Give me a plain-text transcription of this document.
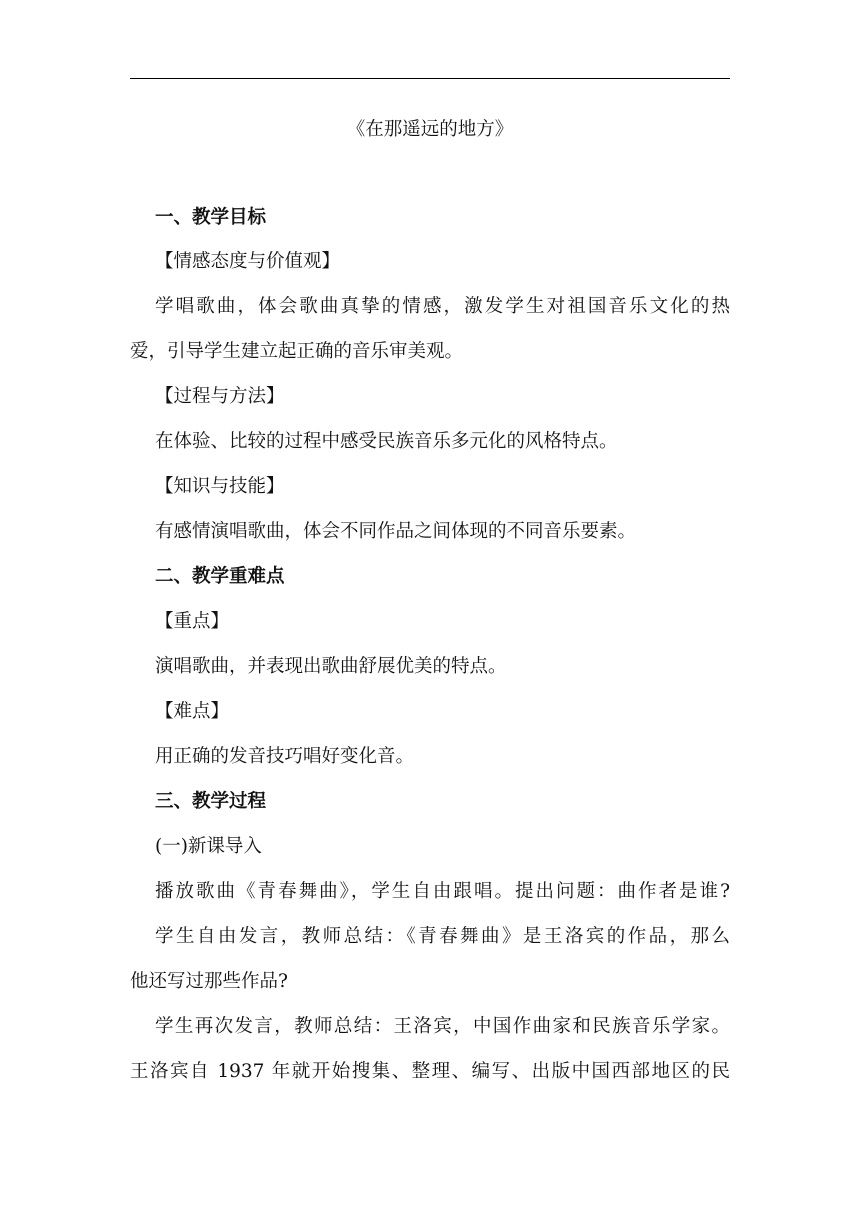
《在那遥远的地方》
一、教学目标
【情感态度与价值观】
学唱歌曲，体会歌曲真挚的情感，激发学生对祖国音乐文化的热
爱，引导学生建立起正确的音乐审美观。
【过程与方法】
在体验、比较的过程中感受民族音乐多元化的风格特点。
【知识与技能】
有感情演唱歌曲，体会不同作品之间体现的不同音乐要素。
二、教学重难点
【重点】
演唱歌曲，并表现出歌曲舒展优美的特点。
【难点】
用正确的发音技巧唱好变化音。
三、教学过程
(一)新课导入
播放歌曲《青春舞曲》，学生自由跟唱。提出问题：曲作者是谁?
学生自由发言，教师总结：《青春舞曲》是王洛宾的作品，那么
他还写过那些作品?
学生再次发言，教师总结：王洛宾，中国作曲家和民族音乐学家。
王洛宾自 1937 年就开始搜集、整理、编写、出版中国西部地区的民
